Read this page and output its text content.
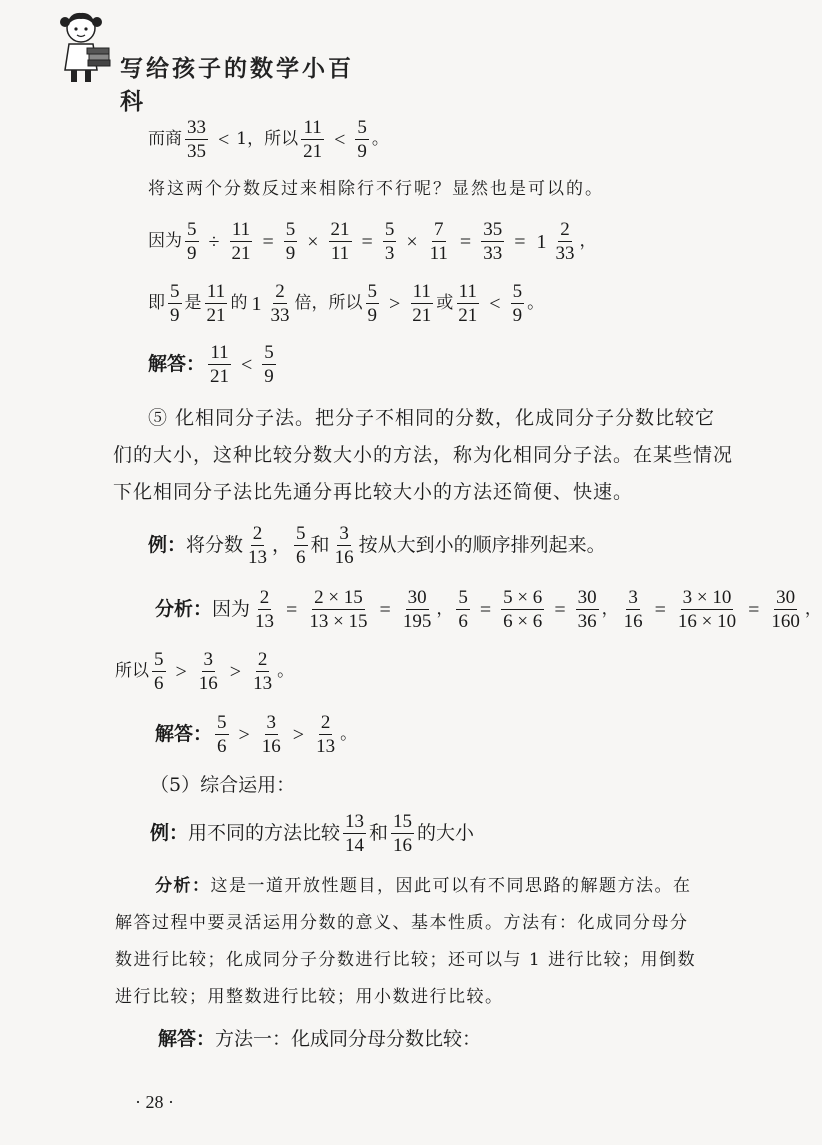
写给孩子的数学小百科
而商 $\frac{33}{35} < 1$，所以 $\frac{11}{21} < \frac{5}{9}$ 。
将这两个分数反过来相除行不行呢？显然也是可以的。
因为 $\frac{5}{9} \div \frac{11}{21} = \frac{5}{9} \times \frac{21}{11} = \frac{5}{3} \times \frac{7}{11} = \frac{35}{33} = 1 \frac{2}{33}$ ，
即 $\frac{5}{9}$ 是 $\frac{11}{21}$ 的 $1 \frac{2}{33}$ 倍，所以 $\frac{5}{9} > \frac{11}{21}$ 或 $\frac{11}{21} < \frac{5}{9}$ 。
解答： $\frac{11}{21} < \frac{5}{9}$
⑤ 化相同分子法。把分子不相同的分数，化成同分子分数比较它
们的大小，这种比较分数大小的方法，称为化相同分子法。在某些情况
下化相同分子法比先通分再比较大小的方法还简便、快速。
例： 将分数 $\frac{2}{13}$ ， $\frac{5}{6}$ 和 $\frac{3}{16}$ 按从大到小的顺序排列起来。
分析： 因为 $\frac{2}{13} = \frac{2 \times 15}{13 \times 15} = \frac{30}{195}$ ， $\frac{5}{6} = \frac{5 \times 6}{6 \times 6} = \frac{30}{36}$ ， $\frac{3}{16} = \frac{3 \times 10}{16 \times 10} = \frac{30}{160}$ ，
所以 $\frac{5}{6} > \frac{3}{16} > \frac{2}{13}$ 。
解答： $\frac{5}{6} > \frac{3}{16} > \frac{2}{13}$ 。
（5）综合运用：
例： 用不同的方法比较 $\frac{13}{14}$ 和 $\frac{15}{16}$ 的大小
分析：这是一道开放性题目，因此可以有不同思路的解题方法。在
解答过程中要灵活运用分数的意义、基本性质。方法有：化成同分母分
数进行比较；化成同分子分数进行比较；还可以与 1 进行比较；用倒数
进行比较；用整数进行比较；用小数进行比较。
解答： 方法一：化成同分母分数比较：
· 28 ·
